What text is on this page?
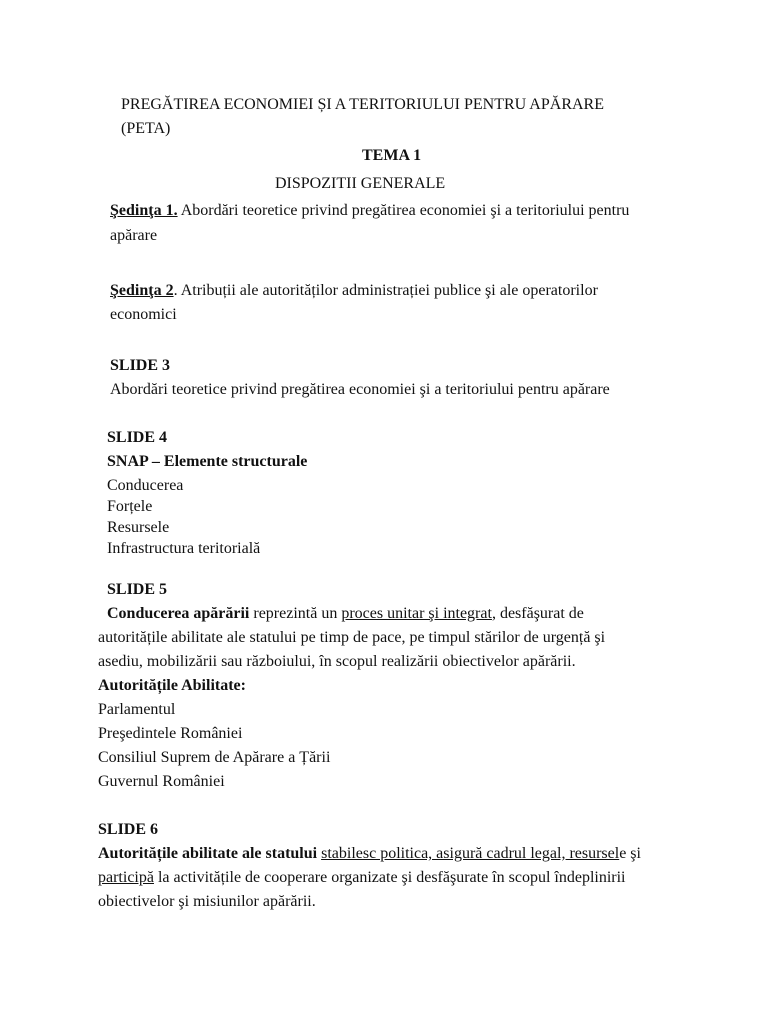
PREGĂTIREA ECONOMIEI ȘI A TERITORIULUI PENTRU APĂRARE
(PETA)
TEMA 1
DISPOZITII GENERALE
Şedinţa 1. Abordări teoretice privind pregătirea economiei şi a teritoriului pentru
apărare
Şedinţa 2. Atribuții ale autorităților administrației publice şi ale operatorilor
economici
SLIDE 3
Abordări teoretice privind pregătirea economiei şi a teritoriului pentru apărare
SLIDE 4
SNAP – Elemente structurale
Conducerea
Forțele
Resursele
Infrastructura teritorială
SLIDE 5
Conducerea apărării reprezintă un proces unitar şi integrat, desfăşurat de
autoritățile abilitate ale statului pe timp de pace, pe timpul stărilor de urgență şi
asediu, mobilizării sau războiului, în scopul realizării obiectivelor apărării.
Autoritățile Abilitate:
Parlamentul
Preşedintele României
Consiliul Suprem de Apărare a Țării
Guvernul României
SLIDE 6
Autoritățile abilitate ale statului stabilesc politica, asigură cadrul legal, resursele şi
participă la activitățile de cooperare organizate şi desfăşurate în scopul îndeplinirii
obiectivelor şi misiunilor apărării.
